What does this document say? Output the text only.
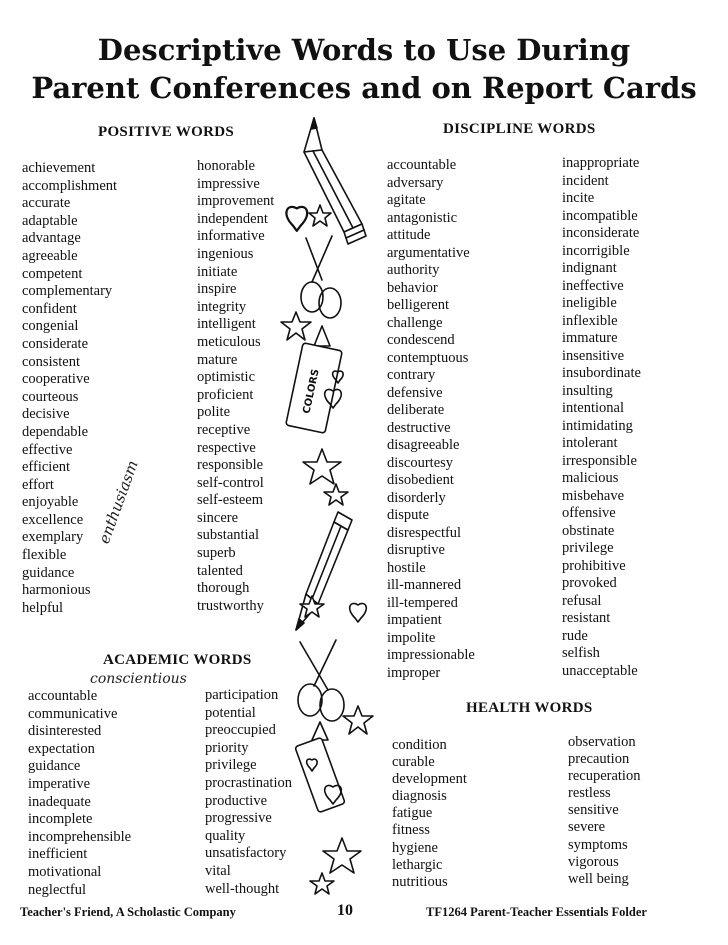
Descriptive Words to Use During
Parent Conferences and on Report Cards
POSITIVE WORDS	DISCIPLINE WORDS
ACADEMIC WORDS
HEALTH WORDS
enthusiasm
conscientious
achievement
accomplishment
accurate
adaptable
advantage
agreeable
competent
complementary
confident
congenial
considerate
consistent
cooperative
courteous
decisive
dependable
effective
efficient
effort
enjoyable
excellence
exemplary
flexible
guidance
harmonious
helpful
honorable
impressive
improvement
independent
informative
ingenious
initiate
inspire
integrity
intelligent
meticulous
mature
optimistic
proficient
polite
receptive
respective
responsible
self-control
self-esteem
sincere
substantial
superb
talented
thorough
trustworthy
accountable
communicative
disinterested
expectation
guidance
imperative
inadequate
incomplete
incomprehensible
inefficient
motivational
neglectful
participation
potential
preoccupied
priority
privilege
procrastination
productive
progressive
quality
unsatisfactory
vital
well-thought
accountable
adversary
agitate
antagonistic
attitude
argumentative
authority
behavior
belligerent
challenge
condescend
contemptuous
contrary
defensive
deliberate
destructive
disagreeable
discourtesy
disobedient
disorderly
dispute
disrespectful
disruptive
hostile
ill-mannered
ill-tempered
impatient
impolite
impressionable
improper
inappropriate
incident
incite
incompatible
inconsiderate
incorrigible
indignant
ineffective
ineligible
inflexible
immature
insensitive
insubordinate
insulting
intentional
intimidating
intolerant
irresponsible
malicious
misbehave
offensive
obstinate
privilege
prohibitive
provoked
refusal
resistant
rude
selfish
unacceptable
condition
curable
development
diagnosis
fatigue
fitness
hygiene
lethargic
nutritious
observation
precaution
recuperation
restless
sensitive
severe
symptoms
vigorous
well being
COLORS
Teacher's Friend, A Scholastic Company	10	TF1264 Parent-Teacher Essentials Folder
